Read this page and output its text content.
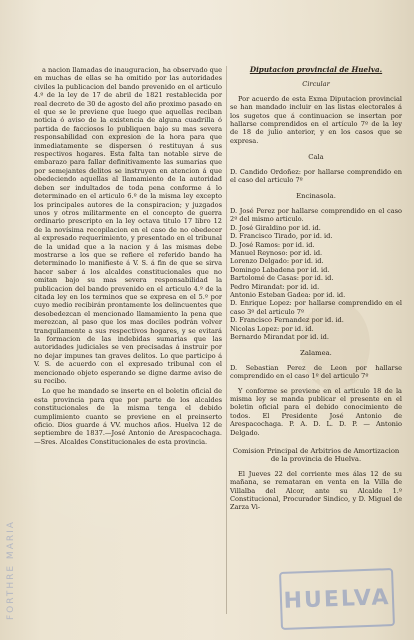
a nacion llamadas de inauguracion, ha observado que en muchas de ellas se ha omitido por las autoridades civiles la publicacion del bando prevenido en el articulo 4.º de la ley de 17 de abril de 1821 restablecida por real decreto de 30 de agosto del año proximo pasado en el que se le previene que luego que aquellas reciban noticia ó aviso de la existencia de alguna cuadrilla ó partida de facciosos lo publiquen bajo su mas severa responsabilidad con expresion de la hora para que inmediatamente se dispersen ó restituyan á sus respectivos hogares. Esta falta tan notable sirve de embarazo para fallar definitivamente las sumarias que por semejantes delitos se instruyen en atencion á que obedeciendo aquellas al llamamiento de la autoridad deben ser indultados de toda pena conforme á lo determinado en el articulo 6.º de la misma ley excepto los principales autores de la conspiracion; y juzgados unos y otros militarmente en el concepto de guerra ordinario prescripto en la ley octava titulo 17 libro 12 de la novísima recopilacion en el caso de no obedecer al expresado requerimiento, y presentado en el tribunal de la unidad que a la nacion y á las mismas debe mostrarse a los que se refiere el referido bando ha determinado lo manifieste á V. S. á fin de que se sirva hacer saber á los alcaldes constitucionales que no omitan bajo su mas severa responsabilidad la publicacion del bando prevenido en el articulo 4.º de la citada ley en los terminos que se expresa en el 5.º por cuyo medio recibirán prontamente los delincuentes que desobedezcan el mencionado llamamiento la pena que merezcan, al paso que los mas dociles podrán volver tranquilamente a sus respectivos hogares, y se evitará la formacion de las indebidas sumarias que las autoridades judiciales se ven precisadas á instruir por no dejar impunes tan graves delitos. Lo que participo á V. S. de acuerdo con el expresado tribunal con el mencionado objeto esperando se digne darme aviso de su recibo.

Lo que he mandado se inserte en el boletin oficial de esta provincia para que por parte de los alcaldes constitucionales de la misma tenga el debido cumplimiento cuanto se previene en el preinserto oficio. Dios guarde á VV. muchos años. Huelva 12 de septiembre de 1837.—José Antonio de Arespacochaga.—Sres. Alcaldes Constitucionales de esta provincia.

Diputacion provincial de Huelva.

Circular

Por acuerdo de esta Exma Diputacion provincial se han mandado incluir en las listas electorales á los sugetos que á continuacion se insertan por hallarse comprendidos en el artículo 7º de la ley de 18 de julio anterior, y en los casos que se expresa.

Cala

D. Candido Ordoñez: por hallarse comprendido en el caso del articulo 7º

Encinasola.

D. José Perez por hallarse comprendido en el caso 2º del mismo articulo.

D. José Giraldino por id. id.

D. Francisco Tirado, por id. id.

D. José Ramos: por id. id.

Manuel Reynoso: por id. id.

Lorenzo Delgado: por id. id.

Domingo Labadena por id. id.

Bartolomé de Casas: por id. id.

Pedro Mirandat: por id. id.

Antonio Esteban Gadea: por id. id.

D. Enrique Lopez: por hallarse comprendido en el caso 3º del articulo 7º

D. Francisco Fernandez por id. id.

Nicolas Lopez: por id. id.

Bernardo Mirandat por id. id.

Zalamea.

D. Sebastian Perez de Leon por hallarse comprendido en el caso 1º del articulo 7º

Y conforme se previene en el articulo 18 de la misma ley se manda publicar el presente en el boletin oficial para el debido conocimiento de todos. El Presidente José Antonio de Arespacochaga. P. A. D. L. D. P. — Antonio Delgado.

Comision Principal de Arbitrios de Amortizacion de la provincia de Huelva.

El Jueves 22 del corriente mes álas 12 de su mañana, se remataran en venta en la Villa de Villalba del Alcor, ante su Alcalde 1.º Constitucional, Procurador Sindico, y D. Miguel de Zarza Vi-

HUELVA
FORTHRE MARIA
